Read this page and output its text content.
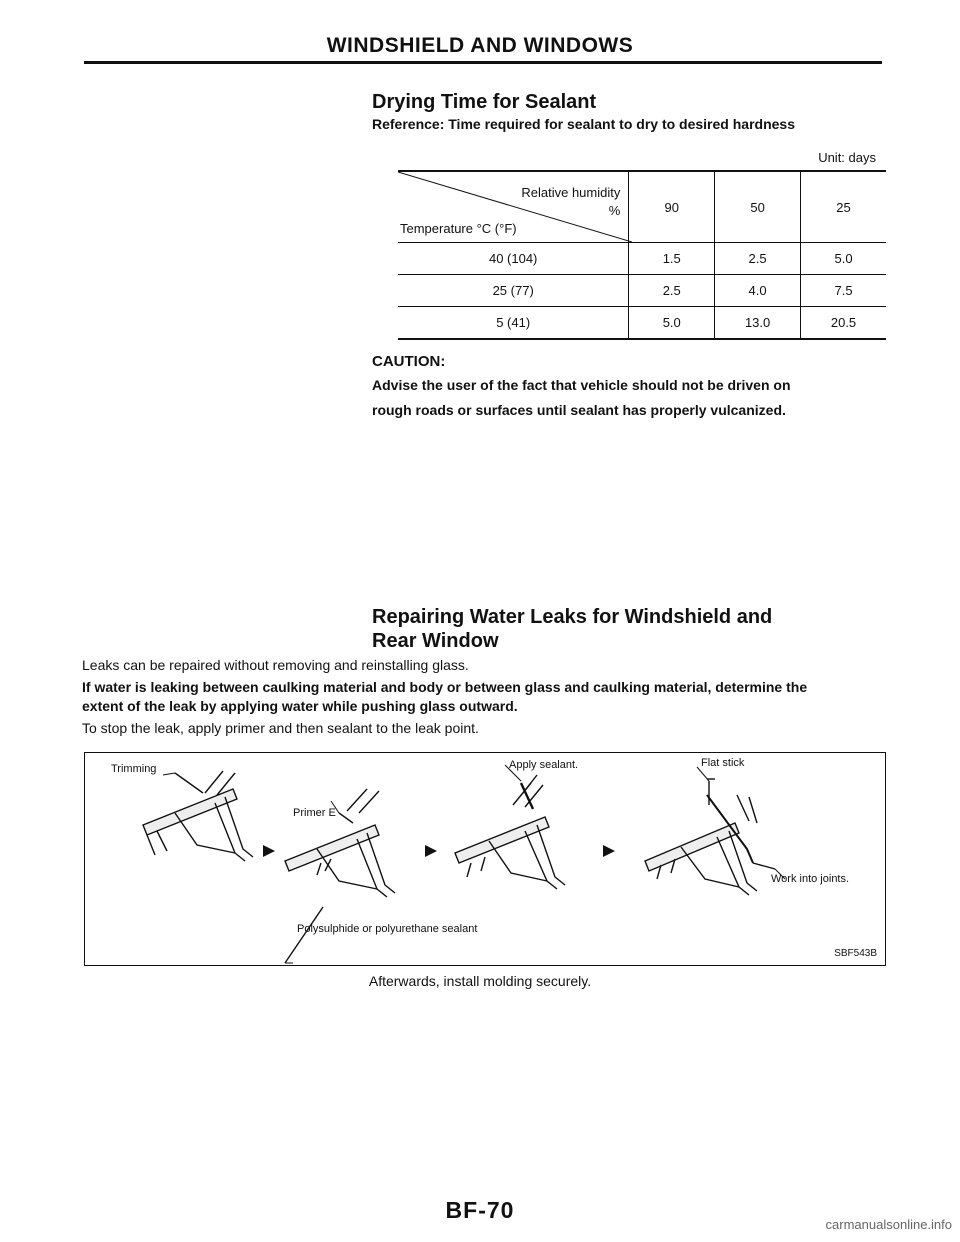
WINDSHIELD AND WINDOWS
Drying Time for Sealant
Reference: Time required for sealant to dry to desired hardness
Unit: days
Relative humidity
%
Temperature °C (°F)	90	50	25
40 (104)	1.5	2.5	5.0
25 (77)	2.5	4.0	7.5
5 (41)	5.0	13.0	20.5
CAUTION:
Advise the user of the fact that vehicle should not be driven on
rough roads or surfaces until sealant has properly vulcanized.
Repairing Water Leaks for Windshield and
Rear Window
Leaks can be repaired without removing and reinstalling glass.
If water is leaking between caulking material and body or between glass and caulking material, determine the
extent of the leak by applying water while pushing glass outward.
To stop the leak, apply primer and then sealant to the leak point.
Trimming
Primer E
Apply sealant.	Flat stick
Work into joints.
Polysulphide or polyurethane sealant
SBF543B
Afterwards, install molding securely.
BF-70
carmanualsonline.info
